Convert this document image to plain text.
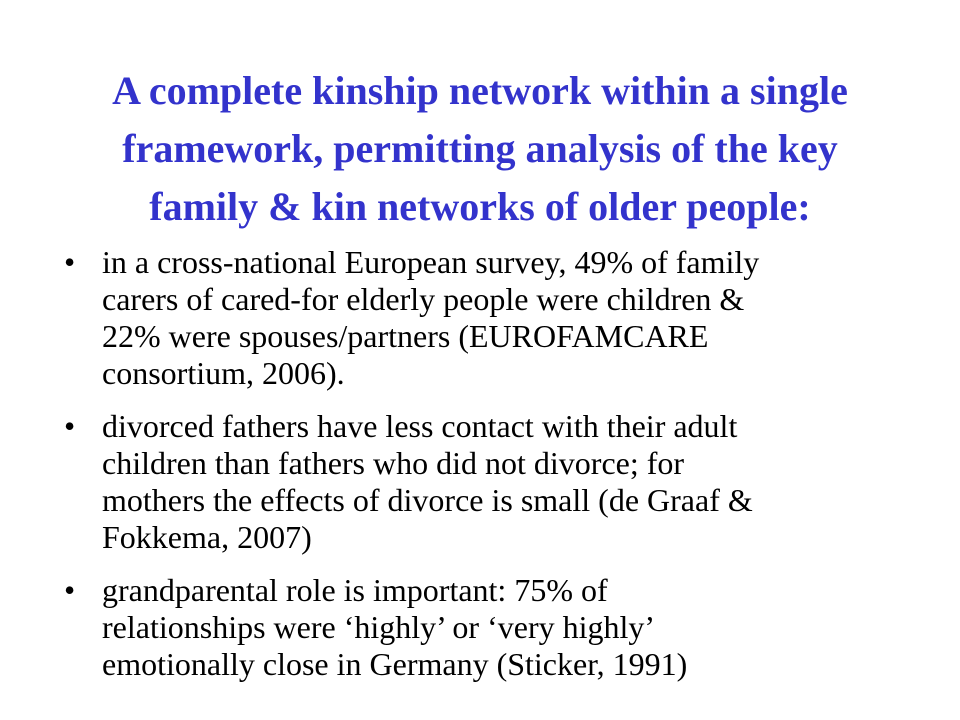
A complete kinship network within a single
framework, permitting analysis of the key
family & kin networks of older people:
• in a cross-national European survey, 49% of family
carers of cared-for elderly people were children &
22% were spouses/partners (EUROFAMCARE
consortium, 2006).
• divorced fathers have less contact with their adult
children than fathers who did not divorce; for
mothers the effects of divorce is small (de Graaf &
Fokkema, 2007)
• grandparental role is important: 75% of
relationships were ‘highly’ or ‘very highly’
emotionally close in Germany (Sticker, 1991)
